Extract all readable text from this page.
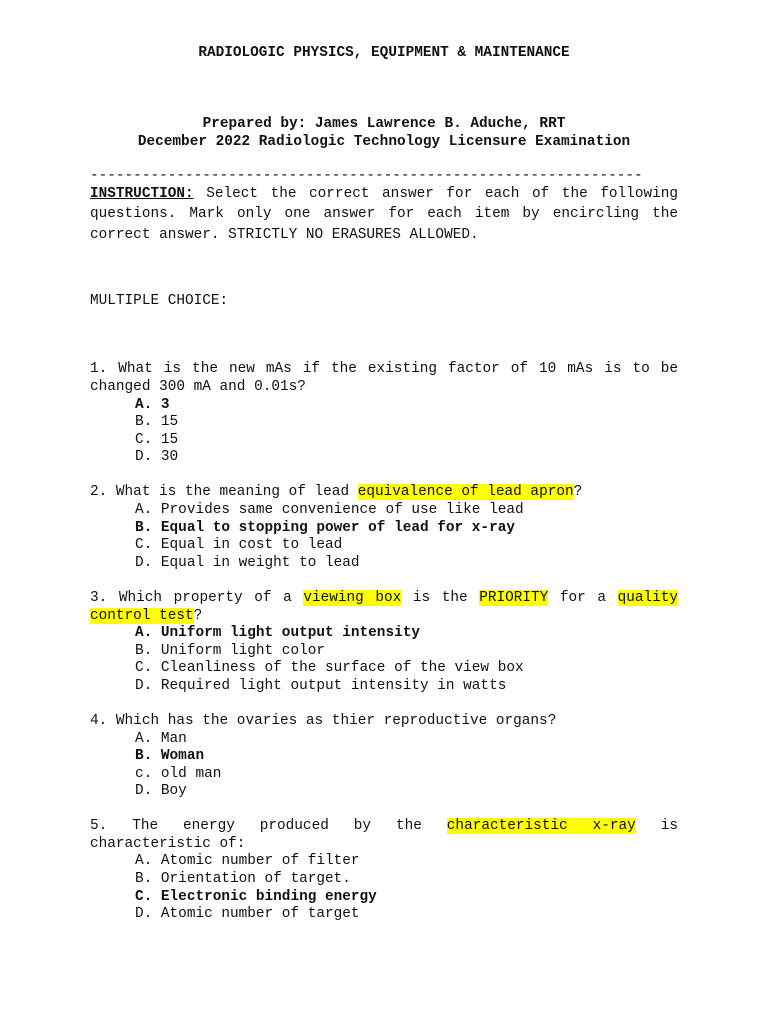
RADIOLOGIC PHYSICS, EQUIPMENT & MAINTENANCE
Prepared by: James Lawrence B. Aduche, RRT
December 2022 Radiologic Technology Licensure Examination
----------------------------------------------------------------
INSTRUCTION: Select the correct answer for each of the following questions. Mark only one answer for each item by encircling the correct answer. STRICTLY NO ERASURES ALLOWED.
MULTIPLE CHOICE:
1. What is the new mAs if the existing factor of 10 mAs is to be changed 300 mA and 0.01s?
A. 3
B. 15
C. 15
D. 30
2. What is the meaning of lead equivalence of lead apron?
A. Provides same convenience of use like lead
B. Equal to stopping power of lead for x-ray
C. Equal in cost to lead
D. Equal in weight to lead
3. Which property of a viewing box is the PRIORITY for a quality control test?
A. Uniform light output intensity
B. Uniform light color
C. Cleanliness of the surface of the view box
D. Required light output intensity in watts
4. Which has the ovaries as thier reproductive organs?
A. Man
B. Woman
c. old man
D. Boy
5. The energy produced by the characteristic x-ray is
characteristic of:
A. Atomic number of filter
B. Orientation of target.
C. Electronic binding energy
D. Atomic number of target
